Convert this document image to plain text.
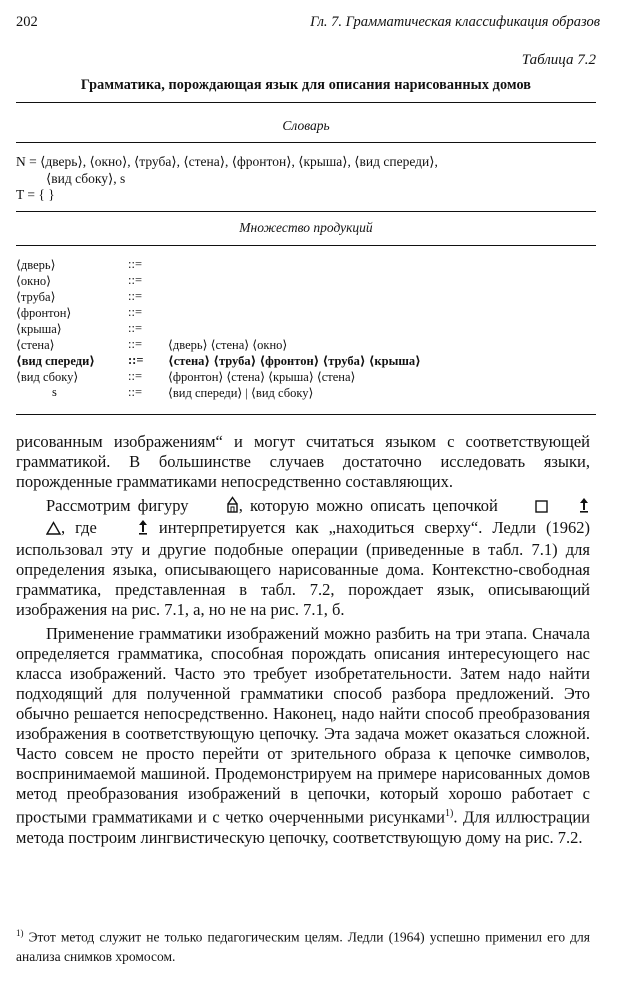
202	Гл. 7. Грамматическая классификация образов
Таблица 7.2
Грамматика, порождающая язык для описания нарисованных домов
Словарь
N = ⟨дверь⟩, ⟨окно⟩, ⟨труба⟩, ⟨стена⟩, ⟨фронтон⟩, ⟨крыша⟩, ⟨вид спереди⟩,
⟨вид сбоку⟩, s
T = { }
Множество продукций
⟨дверь⟩	::=
⟨окно⟩	::=
⟨труба⟩	::=
⟨фронтон⟩	::=
⟨крыша⟩	::=
⟨стена⟩	::= ⟨дверь⟩ ⟨стена⟩ ⟨окно⟩
⟨вид спереди⟩	::= ⟨стена⟩ ⟨труба⟩ ⟨фронтон⟩ ⟨труба⟩ ⟨крыша⟩
⟨вид сбоку⟩	::= ⟨фронтон⟩ ⟨стена⟩ ⟨крыша⟩ ⟨стена⟩
s	::= ⟨вид спереди⟩ | ⟨вид сбоку⟩

рисованным изображениям“ и могут считаться языком с соответствующей грамматикой. В большинстве случаев достаточно исследовать языки, порожденные грамматиками непосредственно составляющих.

Рассмотрим фигуру	, которую можно описать цепочкой , где	интерпретируется как „находиться сверху“. Ледли (1962) использовал эту и другие подобные операции (приведенные в табл. 7.1) для определения языка, описывающего нарисованные дома. Контекстно-свободная грамматика, представленная в табл. 7.2, порождает язык, описывающий изображения на рис. 7.1, а, но не на рис. 7.1, б.

Применение грамматики изображений можно разбить на три этапа. Сначала определяется грамматика, способная порождать описания интересующего нас класса изображений. Часто это требует изобретательности. Затем надо найти подходящий для полученной грамматики способ разбора предложений. Это обычно решается непосредственно. Наконец, надо найти способ преобразования изображения в соответствующую цепочку. Эта задача может оказаться сложной. Часто совсем не просто перейти от зрительного образа к цепочке символов, воспринимаемой машиной. Продемонстрируем на примере нарисованных домов метод преобразования изображений в цепочки, который хорошо работает с простыми грамматиками и с четко очерченными рисунками$^{1)}$. Для иллюстрации метода построим лингвистическую цепочку, соответствующую дому на рис. 7.2.

$^{1)}$ Этот метод служит не только педагогическим целям. Ледли (1964) успешно применил его для анализа снимков хромосом.
